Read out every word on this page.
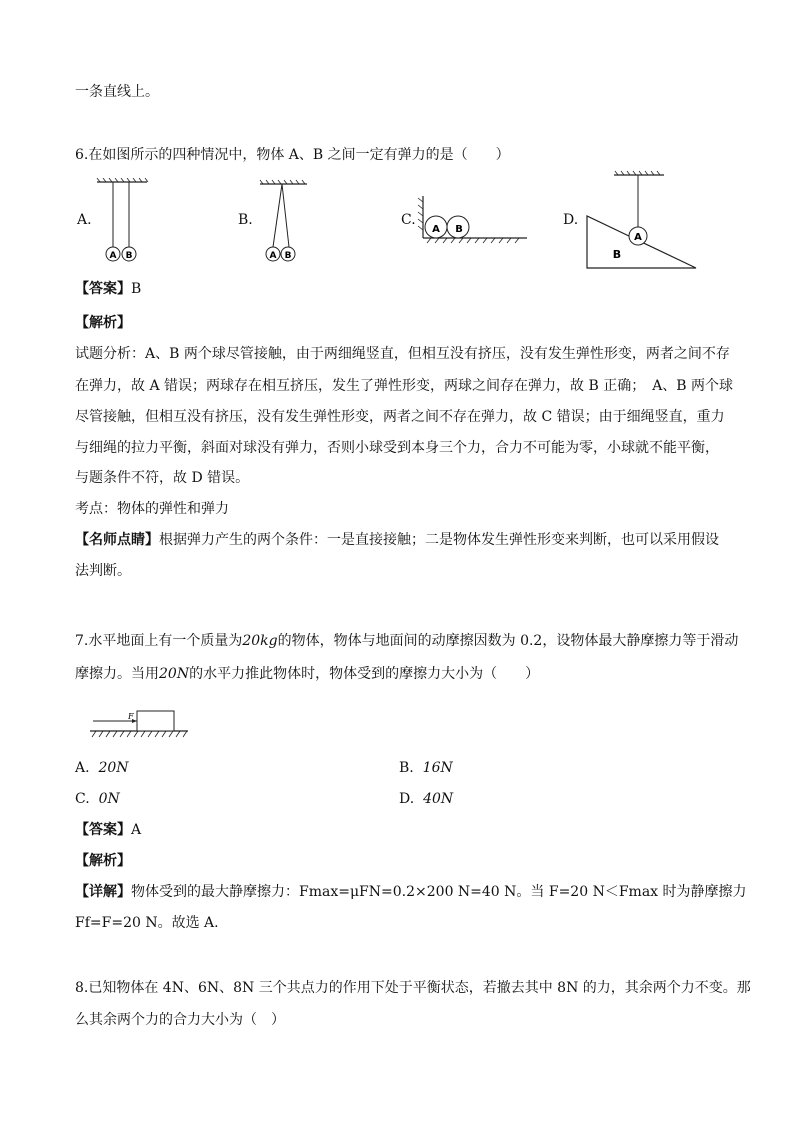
一条直线上。
6.在如图所示的四种情况中，物体 A、B 之间一定有弹力的是（　　）
A.
A B
B.
A B
C.
A B
D.
A
B
【答案】B
【解析】
试题分析：A、B 两个球尽管接触，由于两细绳竖直，但相互没有挤压，没有发生弹性形变，两者之间不存
在弹力，故 A 错误；两球存在相互挤压，发生了弹性形变，两球之间存在弹力，故 B 正确；　A、B 两个球
尽管接触，但相互没有挤压，没有发生弹性形变，两者之间不存在弹力，故 C 错误；由于细绳竖直，重力
与细绳的拉力平衡，斜面对球没有弹力，否则小球受到本身三个力，合力不可能为零，小球就不能平衡，
与题条件不符，故 D 错误。
考点：物体的弹性和弹力
【名师点睛】根据弹力产生的两个条件：一是直接接触；二是物体发生弹性形变来判断，也可以采用假设
法判断。
7.水平地面上有一个质量为20kg的物体，物体与地面间的动摩擦因数为 0.2，设物体最大静摩擦力等于滑动
摩擦力。当用20N的水平力推此物体时，物体受到的摩擦力大小为（　　）
F
A. 20N	B. 16N
C. 0N	D. 40N
【答案】A
【解析】
【详解】物体受到的最大静摩擦力：Fmax=μFN=0.2×200 N=40 N。当 F=20 N＜Fmax 时为静摩擦力
Ff=F=20 N。故选 A.
8.已知物体在 4N、6N、8N 三个共点力的作用下处于平衡状态，若撤去其中 8N 的力，其余两个力不变。那
么其余两个力的合力大小为（　）
